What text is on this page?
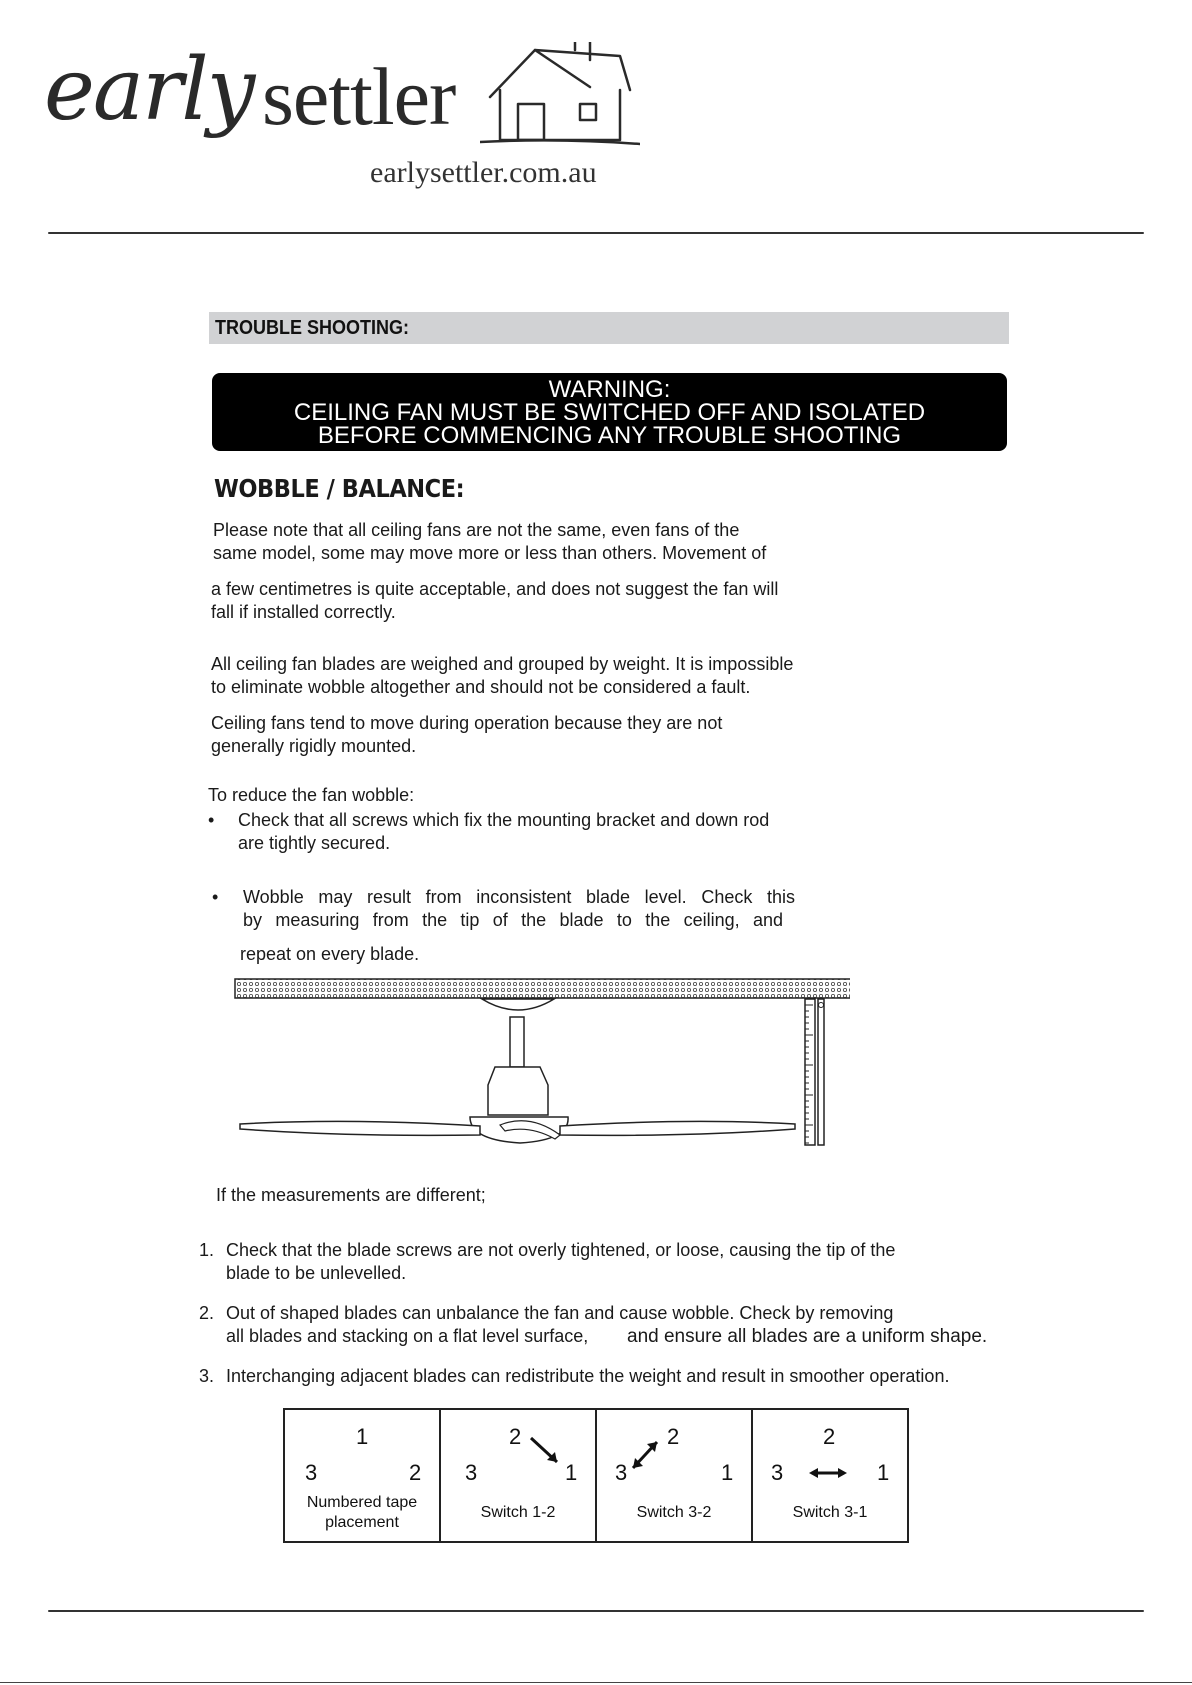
early settler
earlysettler.com.au
TROUBLE SHOOTING:
WARNING:
CEILING FAN MUST BE SWITCHED OFF AND ISOLATED
BEFORE COMMENCING ANY TROUBLE SHOOTING
WOBBLE / BALANCE:
Please note that all ceiling fans are not the same, even fans of the
same model, some may move more or less than others. Movement of
a few centimetres is quite acceptable, and does not suggest the fan will
fall if installed correctly.
All ceiling fan blades are weighed and grouped by weight. It is impossible
to eliminate wobble altogether and should not be considered a fault.
Ceiling fans tend to move during operation because they are not
generally rigidly mounted.
To reduce the fan wobble:
• Check that all screws which fix the mounting bracket and down rod
are tightly secured.
• Wobble may result from inconsistent blade level. Check this
by measuring from the tip of the blade to the ceiling, and
repeat on every blade.
If the measurements are different;
1. Check that the blade screws are not overly tightened, or loose, causing the tip of the
blade to be unlevelled.
2. Out of shaped blades can unbalance the fan and cause wobble. Check by removing
all blades and stacking on a flat level surface, and ensure all blades are a uniform shape.
3. Interchanging adjacent blades can redistribute the weight and result in smoother operation.
1
3	2
Numbered tape
placement
2
3	1
Switch 1-2
2
3	1
Switch 3-2
2
3	1
Switch 3-1
